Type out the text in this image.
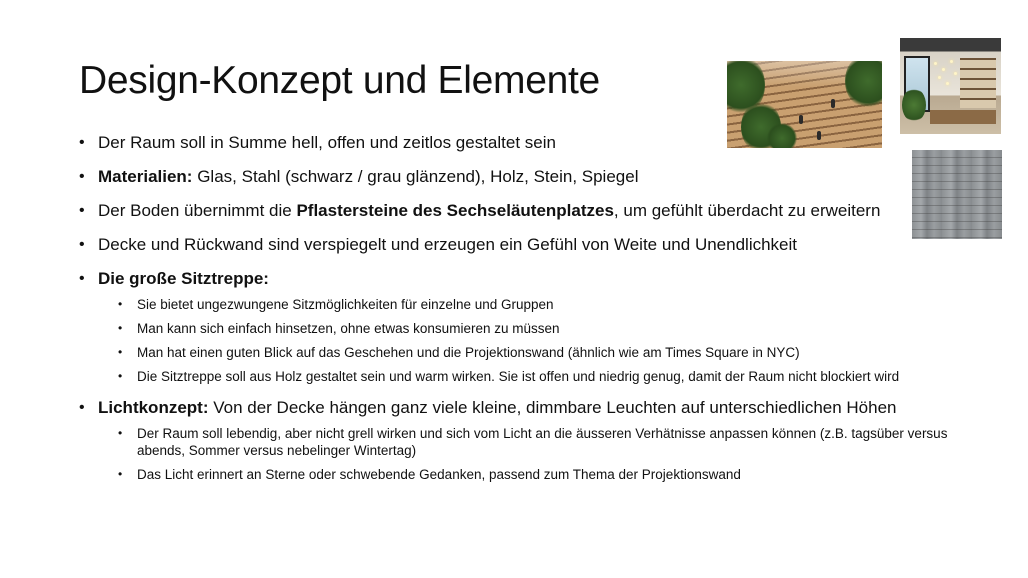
Design-Konzept und Elemente
• Der Raum soll in Summe hell, offen und zeitlos gestaltet sein
• Materialien: Glas, Stahl (schwarz / grau glänzend), Holz, Stein, Spiegel
• Der Boden übernimmt die Pflastersteine des Sechseläutenplatzes, um gefühlt überdacht zu erweitern
• Decke und Rückwand sind verspiegelt und erzeugen ein Gefühl von Weite und Unendlichkeit
• Die große Sitztreppe:
• Sie bietet ungezwungene Sitzmöglichkeiten für einzelne und Gruppen
• Man kann sich einfach hinsetzen, ohne etwas konsumieren zu müssen
• Man hat einen guten Blick auf das Geschehen und die Projektionswand (ähnlich wie am Times Square in NYC)
• Die Sitztreppe soll aus Holz gestaltet sein und warm wirken. Sie ist offen und niedrig genug, damit der Raum nicht blockiert wird
• Lichtkonzept: Von der Decke hängen ganz viele kleine, dimmbare Leuchten auf unterschiedlichen Höhen
• Der Raum soll lebendig, aber nicht grell wirken und sich vom Licht an die äusseren Verhätnisse anpassen können (z.B. tagsüber versus abends, Sommer versus nebelinger Wintertag)
• Das Licht erinnert an Sterne oder schwebende Gedanken, passend zum Thema der Projektionswand
